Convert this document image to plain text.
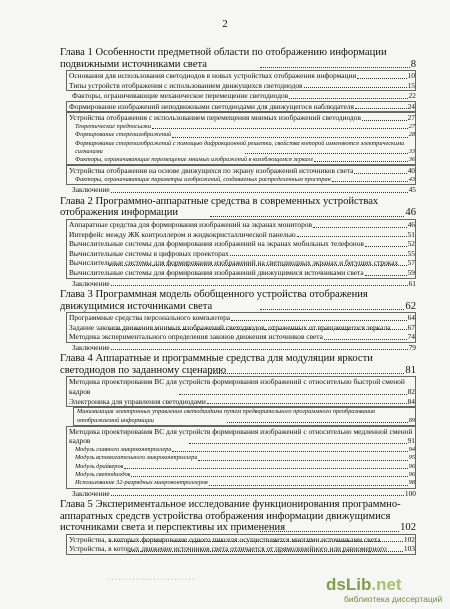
2
Глава 1 Особенности предметной области по отображению информации подвижными источниками света	8
Основания для использования светодиодов в новых устройствах отображения информации	10
Типы устройств отображения с использованием движущихся светодиодов	15
Факторы, ограничивающие механическое перемещение светодиодов	22
Формирование изображений неподвижными светодиодами для движущегося наблюдателя	24
Устройства отображения с использованием перемещения мнимых изображений светодиодов	27
Теоретические предпосылки	27
Формирование стереоизображений	28
Формирование стереоизображений с помощью дифракционной решетки, свойства которой изменяются электрическими сигналами	33
Факторы, ограничивающие перемещение мнимых изображений в колеблющемся зеркале	36
Устройства отображения на основе движущихся по экрану изображений источников света	40
Факторы, ограничивающие параметры изображений, создаваемых распределенным простран	43
Заключение	45
Глава 2 Программно-аппаратные средства в современных устройствах отображения информации	46
Аппаратные средства для формирования изображений на экранах мониторов	46
Интерфейс между ЖК контроллером и жидкокристаллической панелью	51
Вычислительные системы для формирования изображений на экранах мобильных телефонов	52
Вычислительные системы в цифровых проекторах	55
Вычислительные системы для формирования изображений на светодиодных экранах и бегущих строках 57
Вычислительные системы для формирования изображений движущимися источниками света	59
Заключение	61
Глава 3 Программная модель обобщенного устройства отображения движущимися источниками света	62
Программные средства персонального компьютера	64
Задание законов движения мнимых изображений светодиодов, отраженных от вращающегося зеркала 67
Методика экспериментального определения законов движения источников света	74
Заключение	79
Глава 4 Аппаратные и программные средства для модуляции яркости светодиодов по заданному сценарию	81
Методика проектирования ВС для устройств формирования изображений с относительно быстрой сменой кадров	82
Электроника для управления светодиодами	84
Минимизация электронных управления светодиодами путем предварительного программного преобразования отображаемой информации	89
Методика проектирования ВС для устройств формирования изображений с относительно медленной сменой кадров	91
Модуль главного микроконтроллера	94
Модуль вспомогательного микроконтроллера	95
Модуль драйверов	96
Модуль светодиодов	96
Использование 32-разрядных микроконтроллеров	98
Заключение	100
Глава 5 Экспериментальное исследование функционирования программно-аппаратных средств устройства отображения информации движущимися источниками света и перспективы их применения	102
Устройства, в которых формирование одного пикселя осуществляется многими источниками света	102
Устройства, в которых движение источников света отличается от прямолинейного или равномерного 103
· · · · · · · · · · · · · · · · · · · · · · · · ·	dsLib.net
библиотека диссертаций
